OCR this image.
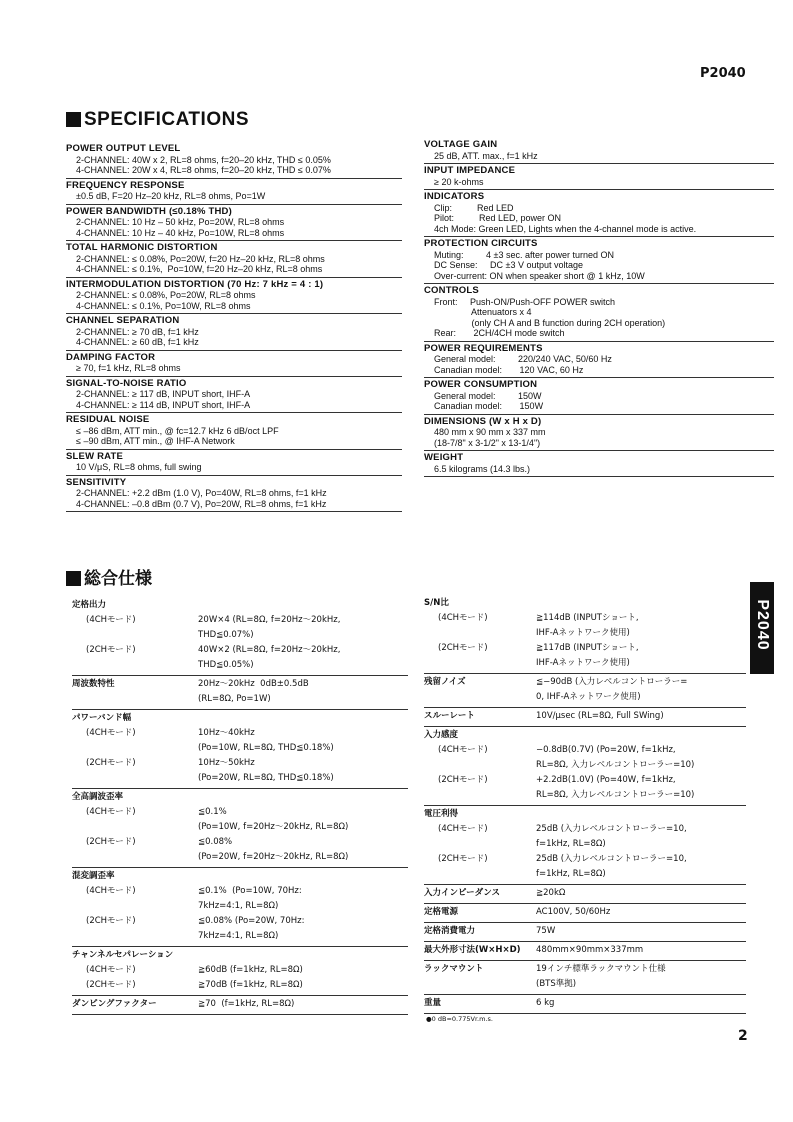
P2040
SPECIFICATIONS
POWER OUTPUT LEVEL
2-CHANNEL: 40W x 2, RL=8 ohms, f=20–20 kHz, THD ≤ 0.05%
4-CHANNEL: 20W x 4, RL=8 ohms, f=20–20 kHz, THD ≤ 0.07%
FREQUENCY RESPONSE
±0.5 dB, F=20 Hz–20 kHz, RL=8 ohms, Po=1W
POWER BANDWIDTH (≤0.18% THD)
2-CHANNEL: 10 Hz – 50 kHz, Po=20W, RL=8 ohms
4-CHANNEL: 10 Hz – 40 kHz, Po=10W, RL=8 ohms
TOTAL HARMONIC DISTORTION
2-CHANNEL: ≤ 0.08%, Po=20W, f=20 Hz–20 kHz, RL=8 ohms
4-CHANNEL: ≤ 0.1%,  Po=10W, f=20 Hz–20 kHz, RL=8 ohms
INTERMODULATION DISTORTION (70 Hz: 7 kHz = 4 : 1)
2-CHANNEL: ≤ 0.08%, Po=20W, RL=8 ohms
4-CHANNEL: ≤ 0.1%, Po=10W, RL=8 ohms
CHANNEL SEPARATION
2-CHANNEL: ≥ 70 dB, f=1 kHz
4-CHANNEL: ≥ 60 dB, f=1 kHz
DAMPING FACTOR
≥ 70, f=1 kHz, RL=8 ohms
SIGNAL-TO-NOISE RATIO
2-CHANNEL: ≥ 117 dB, INPUT short, IHF-A
4-CHANNEL: ≥ 114 dB, INPUT short, IHF-A
RESIDUAL NOISE
≤ –86 dBm, ATT min., @ fc=12.7 kHz 6 dB/oct LPF
≤ –90 dBm, ATT min., @ IHF-A Network
SLEW RATE
10 V/μS, RL=8 ohms, full swing
SENSITIVITY
2-CHANNEL: +2.2 dBm (1.0 V), Po=40W, RL=8 ohms, f=1 kHz
4-CHANNEL: –0.8 dBm (0.7 V), Po=20W, RL=8 ohms, f=1 kHz
VOLTAGE GAIN
25 dB, ATT. max., f=1 kHz
INPUT IMPEDANCE
≥ 20 k-ohms
INDICATORS
Clip:          Red LED
Pilot:          Red LED, power ON
4ch Mode: Green LED, Lights when the 4-channel mode is active.
PROTECTION CIRCUITS
Muting:         4 ±3 sec. after power turned ON
DC Sense:     DC ±3 V output voltage
Over-current: ON when speaker short @ 1 kHz, 10W
CONTROLS
Front:     Push-ON/Push-OFF POWER switch
Attenuators x 4
(only CH A and B function during 2CH operation)
Rear:       2CH/4CH mode switch
POWER REQUIREMENTS
General model:         220/240 VAC, 50/60 Hz
Canadian model:       120 VAC, 60 Hz
POWER CONSUMPTION
General model:         150W
Canadian model:       150W
DIMENSIONS (W x H x D)
480 mm x 90 mm x 337 mm
(18-7/8" x 3-1/2" x 13-1/4")
WEIGHT
6.5 kilograms (14.3 lbs.)
総合仕様
P2040
定格出力
(4CHモード)	20W×4 (RL=8Ω, f=20Hz〜20kHz,
THD≦0.07%)
(2CHモード)	40W×2 (RL=8Ω, f=20Hz〜20kHz,
THD≦0.05%)
周波数特性	20Hz〜20kHz  0dB±0.5dB
(RL=8Ω, Po=1W)
パワーバンド幅
(4CHモード)	10Hz〜40kHz
(Po=10W, RL=8Ω, THD≦0.18%)
(2CHモード)	10Hz〜50kHz
(Po=20W, RL=8Ω, THD≦0.18%)
全高調波歪率
(4CHモード)	≦0.1%
(Po=10W, f=20Hz〜20kHz, RL=8Ω)
(2CHモード)	≦0.08%
(Po=20W, f=20Hz〜20kHz, RL=8Ω)
混変調歪率
(4CHモード)	≦0.1%  (Po=10W, 70Hz:
7kHz=4:1, RL=8Ω)
(2CHモード)	≦0.08% (Po=20W, 70Hz:
7kHz=4:1, RL=8Ω)
チャンネルセパレーション
(4CHモード)	≧60dB (f=1kHz, RL=8Ω)
(2CHモード)	≧70dB (f=1kHz, RL=8Ω)
ダンピングファクター	≧70  (f=1kHz, RL=8Ω)
S/N比
(4CHモード)	≧114dB (INPUTショート,
IHF-Aネットワーク使用)
(2CHモード)	≧117dB (INPUTショート,
IHF-Aネットワーク使用)
残留ノイズ	≦−90dB (入力レベルコントローラー=
0, IHF-Aネットワーク使用)
スルーレート	10V/μsec (RL=8Ω, Full SWing)
入力感度
(4CHモード)	−0.8dB(0.7V) (Po=20W, f=1kHz,
RL=8Ω, 入力レベルコントローラー=10)
(2CHモード)	+2.2dB(1.0V) (Po=40W, f=1kHz,
RL=8Ω, 入力レベルコントローラー=10)
電圧利得
(4CHモード)	25dB (入力レベルコントローラー=10,
f=1kHz, RL=8Ω)
(2CHモード)	25dB (入力レベルコントローラー=10,
f=1kHz, RL=8Ω)
入力インピーダンス	≧20kΩ
定格電源	AC100V, 50/60Hz
定格消費電力	75W
最大外形寸法(W×H×D)	480mm×90mm×337mm
ラックマウント	19インチ標準ラックマウント仕様
(BTS準拠)
重量	6 kg
●0 dB=0.775Vr.m.s.
2
